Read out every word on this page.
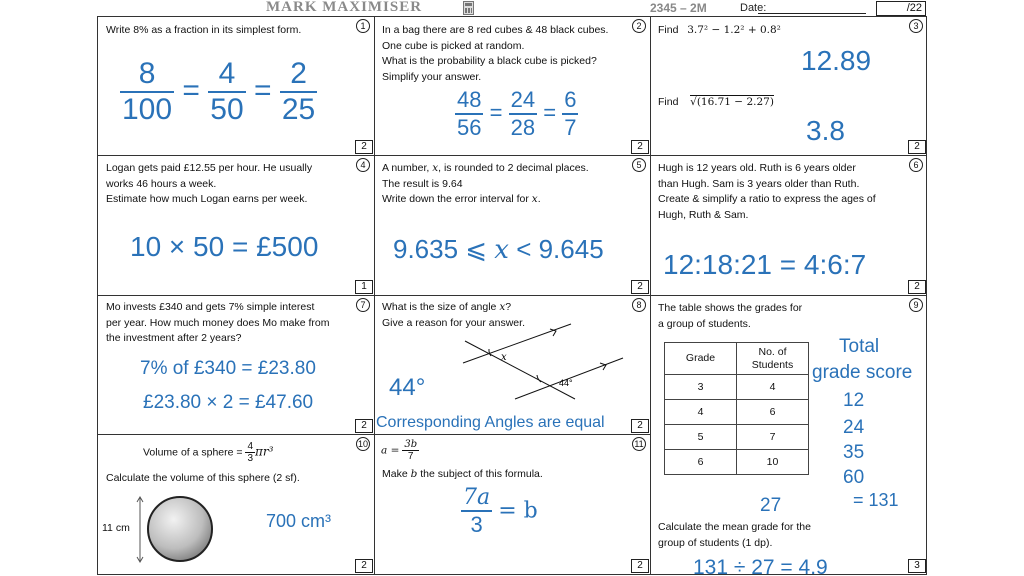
MARK MAXIMISER	2345 – 2M	Date:	/22
Write 8% as a fraction in its simplest form.	1
$\frac{8}{100} = \frac{4}{50} = \frac{2}{25}$
2
In a bag there are 8 red cubes & 48 black cubes.
One cube is picked at random.
What is the probability a black cube is picked?
Simplify your answer.
2
$\frac{48}{56} = \frac{24}{28} = \frac{6}{7}$
2
Find 3.7² − 1.2² + 0.8²
12.89
Find √(16.71 − 2.27)
3.8
3
2
Logan gets paid £12.55 per hour. He usually
works 46 hours a week.
Estimate how much Logan earns per week.
4
10 × 50 = £500
1
A number, x, is rounded to 2 decimal places.
The result is 9.64
Write down the error interval for x.
5
9.635 ⩽ x < 9.645
2
Hugh is 12 years old. Ruth is 6 years older
than Hugh. Sam is 3 years older than Ruth.
Create & simplify a ratio to express the ages of
Hugh, Ruth & Sam.
6
12:18:21 = 4:6:7
2
Mo invests £340 and gets 7% simple interest
per year. How much money does Mo make from
the investment after 2 years?
7
7% of £340 = £23.80
£23.80 × 2 = £47.60
2
What is the size of angle x?
Give a reason for your answer.
8
x
44°
44°
Corresponding Angles are equal	2
The table shows the grades for
a group of students.
9
Grade	No. of Students
3	4
4	6
5	7
6	10
Total
grade score
12
24
35
60
= 131
27
Calculate the mean grade for the
group of students (1 dp).
131 ÷ 27 = 4.9	3
Volume of a sphere = $\frac{4}{3} \pi r^3$
Calculate the volume of this sphere (2 sf).
10
11 cm	700 cm³
2
$a = \frac{3b}{7}$
Make b the subject of this formula.
11
$\frac{7a}{3} = b$
2
